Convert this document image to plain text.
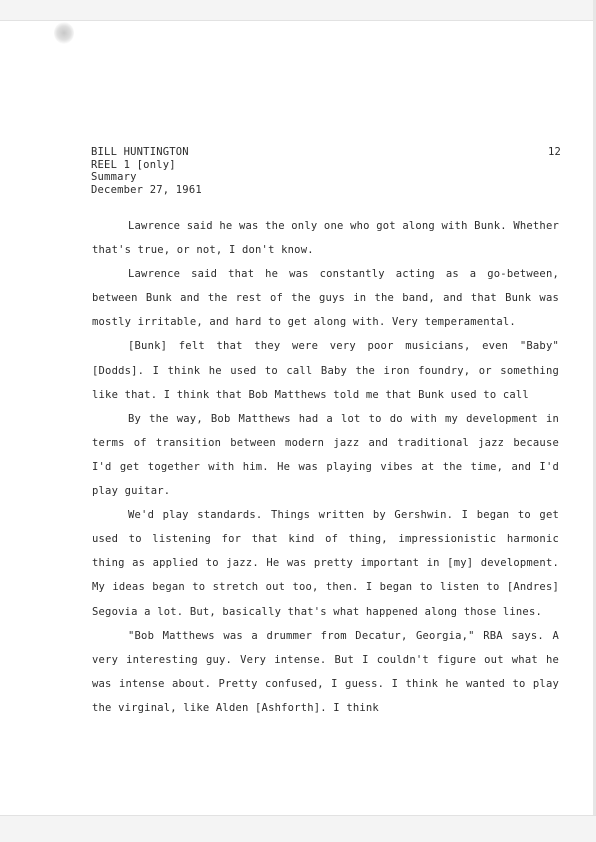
BILL HUNTINGTON
REEL 1 [only]
Summary
December 27, 1961
12

Lawrence said he was the only one who got along with Bunk. Whether that's true, or not, I don't know.

Lawrence said that he was constantly acting as a go-between, between Bunk and the rest of the guys in the band, and that Bunk was mostly irritable, and hard to get along with. Very temperamental.

[Bunk] felt that they were very poor musicians, even "Baby" [Dodds]. I think he used to call Baby the iron foundry, or something like that. I think that Bob Matthews told me that Bunk used to call

By the way, Bob Matthews had a lot to do with my development in terms of transition between modern jazz and traditional jazz because I'd get together with him. He was playing vibes at the time, and I'd play guitar.

We'd play standards. Things written by Gershwin. I began to get used to listening for that kind of thing, impressionistic harmonic thing as applied to jazz. He was pretty important in [my] development. My ideas began to stretch out too, then. I began to listen to [Andres] Segovia a lot. But, basically that's what happened along those lines.

"Bob Matthews was a drummer from Decatur, Georgia," RBA says. A very interesting guy. Very intense. But I couldn't figure out what he was intense about. Pretty confused, I guess. I think he wanted to play the virginal, like Alden [Ashforth]. I think
